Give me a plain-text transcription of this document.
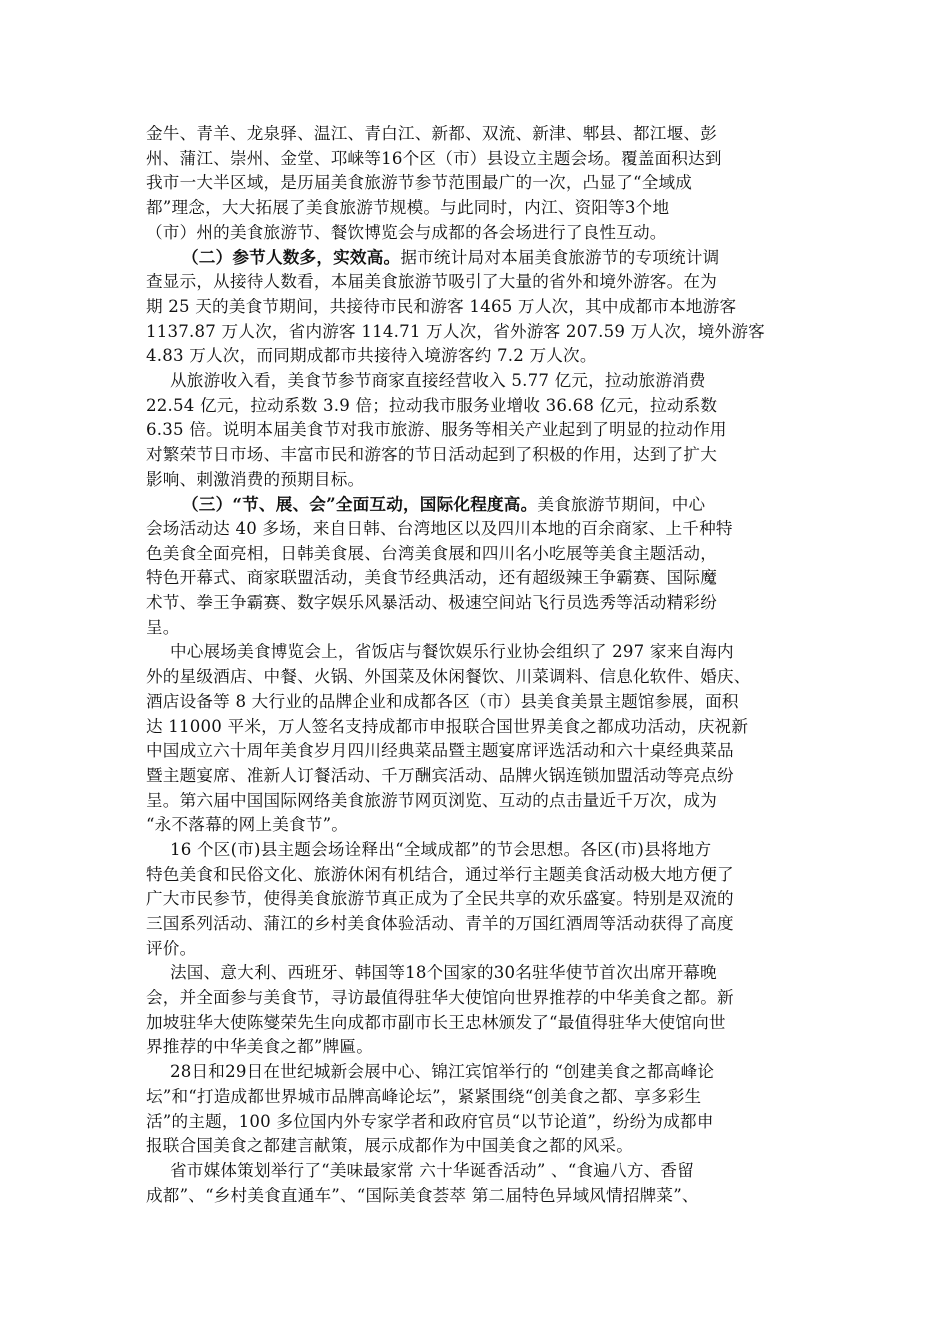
金牛、青羊、龙泉驿、温江、青白江、新都、双流、新津、郫县、都江堰、彭
州、蒲江、崇州、金堂、邛崃等16个区（市）县设立主题会场。覆盖面积达到
我市一大半区域，是历届美食旅游节参节范围最广的一次，凸显了“全域成
都”理念，大大拓展了美食旅游节规模。与此同时，内江、资阳等3个地
（市）州的美食旅游节、餐饮博览会与成都的各会场进行了良性互动。
（二）参节人数多，实效高。据市统计局对本届美食旅游节的专项统计调
查显示，从接待人数看，本届美食旅游节吸引了大量的省外和境外游客。在为
期 25 天的美食节期间，共接待市民和游客 1465 万人次，其中成都市本地游客
1137.87 万人次，省内游客 114.71 万人次，省外游客 207.59 万人次，境外游客
4.83 万人次，而同期成都市共接待入境游客约 7.2 万人次。
从旅游收入看，美食节参节商家直接经营收入 5.77 亿元，拉动旅游消费
22.54 亿元，拉动系数 3.9 倍；拉动我市服务业增收 36.68 亿元，拉动系数
6.35 倍。说明本届美食节对我市旅游、服务等相关产业起到了明显的拉动作用
对繁荣节日市场、丰富市民和游客的节日活动起到了积极的作用，达到了扩大
影响、刺激消费的预期目标。
（三）“节、展、会”全面互动，国际化程度高。美食旅游节期间，中心
会场活动达 40 多场，来自日韩、台湾地区以及四川本地的百余商家、上千种特
色美食全面亮相，日韩美食展、台湾美食展和四川名小吃展等美食主题活动，
特色开幕式、商家联盟活动，美食节经典活动，还有超级辣王争霸赛、国际魔
术节、拳王争霸赛、数字娱乐风暴活动、极速空间站飞行员选秀等活动精彩纷
呈。
中心展场美食博览会上，省饭店与餐饮娱乐行业协会组织了 297 家来自海内
外的星级酒店、中餐、火锅、外国菜及休闲餐饮、川菜调料、信息化软件、婚庆、
酒店设备等 8 大行业的品牌企业和成都各区（市）县美食美景主题馆参展，面积
达 11000 平米，万人签名支持成都市申报联合国世界美食之都成功活动，庆祝新
中国成立六十周年美食岁月四川经典菜品暨主题宴席评选活动和六十桌经典菜品
暨主题宴席、准新人订餐活动、千万酬宾活动、品牌火锅连锁加盟活动等亮点纷
呈。第六届中国国际网络美食旅游节网页浏览、互动的点击量近千万次，成为
“永不落幕的网上美食节”。
16 个区(市)县主题会场诠释出“全域成都”的节会思想。各区(市)县将地方
特色美食和民俗文化、旅游休闲有机结合，通过举行主题美食活动极大地方便了
广大市民参节，使得美食旅游节真正成为了全民共享的欢乐盛宴。特别是双流的
三国系列活动、蒲江的乡村美食体验活动、青羊的万国红酒周等活动获得了高度
评价。
法国、意大利、西班牙、韩国等18个国家的30名驻华使节首次出席开幕晚
会，并全面参与美食节，寻访最值得驻华大使馆向世界推荐的中华美食之都。新
加坡驻华大使陈燮荣先生向成都市副市长王忠林颁发了“最值得驻华大使馆向世
界推荐的中华美食之都”牌匾。
28日和29日在世纪城新会展中心、锦江宾馆举行的 “创建美食之都高峰论
坛”和“打造成都世界城市品牌高峰论坛”，紧紧围绕“创美食之都、享多彩生
活”的主题，100 多位国内外专家学者和政府官员“以节论道”，纷纷为成都申
报联合国美食之都建言献策，展示成都作为中国美食之都的风采。
省市媒体策划举行了“美味最家常 六十华诞香活动” 、“食遍八方、香留
成都”、“乡村美食直通车”、“国际美食荟萃 第二届特色异域风情招牌菜”、
